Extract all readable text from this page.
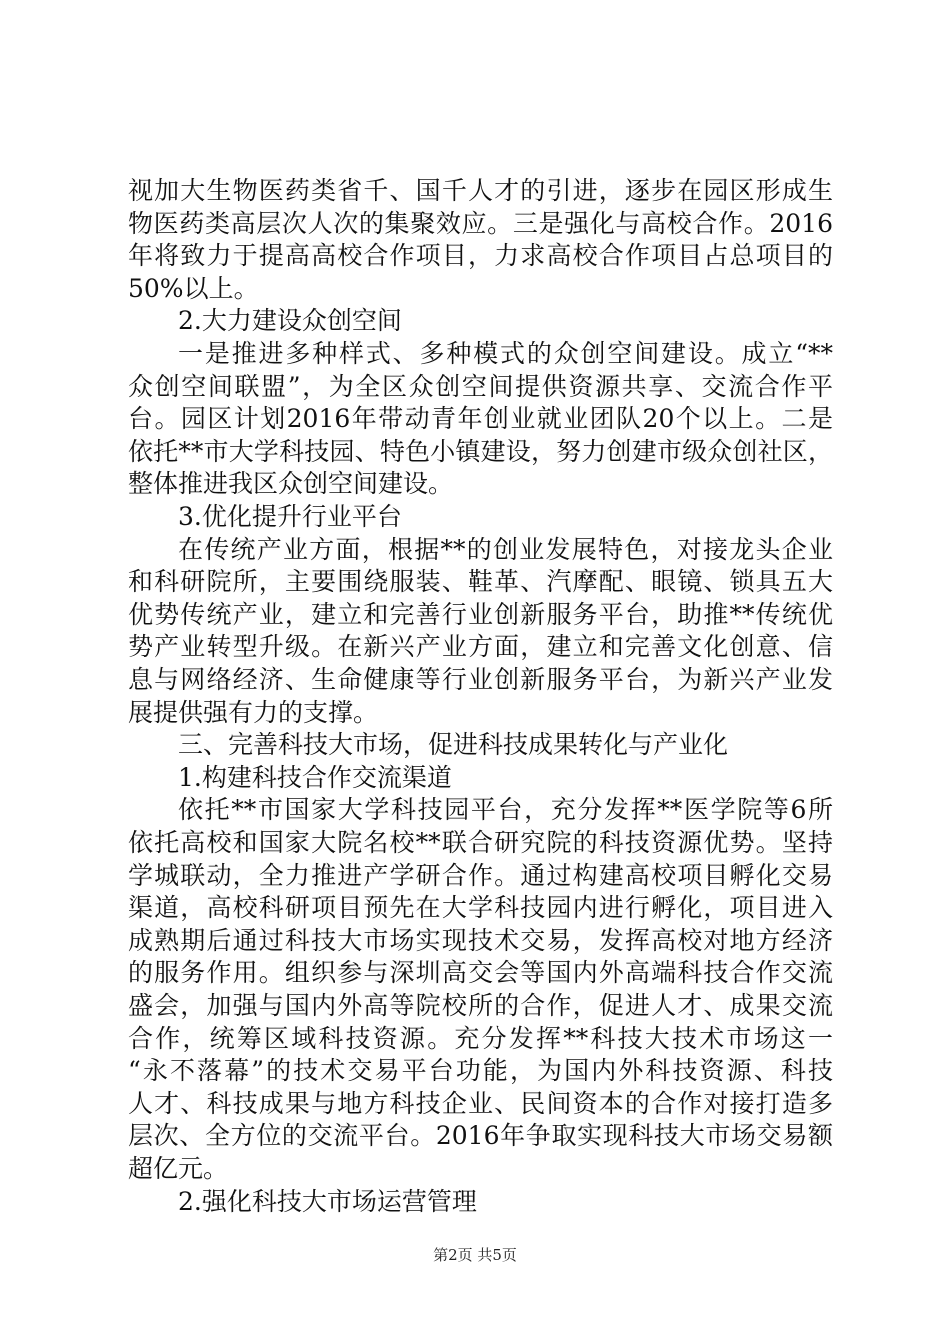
视加大生物医药类省千、国千人才的引进，逐步在园区形成生
物医药类高层次人次的集聚效应。三是强化与高校合作。2016
年将致力于提高高校合作项目，力求高校合作项目占总项目的
50%以上。
2.大力建设众创空间
一是推进多种样式、多种模式的众创空间建设。成立“**
众创空间联盟”，为全区众创空间提供资源共享、交流合作平
台。园区计划2016年带动青年创业就业团队20个以上。二是
依托**市大学科技园、特色小镇建设，努力创建市级众创社区，
整体推进我区众创空间建设。
3.优化提升行业平台
在传统产业方面，根据**的创业发展特色，对接龙头企业
和科研院所，主要围绕服装、鞋革、汽摩配、眼镜、锁具五大
优势传统产业，建立和完善行业创新服务平台，助推**传统优
势产业转型升级。在新兴产业方面，建立和完善文化创意、信
息与网络经济、生命健康等行业创新服务平台，为新兴产业发
展提供强有力的支撑。
三、完善科技大市场，促进科技成果转化与产业化
1.构建科技合作交流渠道
依托**市国家大学科技园平台，充分发挥**医学院等6所
依托高校和国家大院名校**联合研究院的科技资源优势。坚持
学城联动，全力推进产学研合作。通过构建高校项目孵化交易
渠道，高校科研项目预先在大学科技园内进行孵化，项目进入
成熟期后通过科技大市场实现技术交易，发挥高校对地方经济
的服务作用。组织参与深圳高交会等国内外高端科技合作交流
盛会，加强与国内外高等院校所的合作，促进人才、成果交流
合作，统筹区域科技资源。充分发挥**科技大技术市场这一
“永不落幕”的技术交易平台功能，为国内外科技资源、科技
人才、科技成果与地方科技企业、民间资本的合作对接打造多
层次、全方位的交流平台。2016年争取实现科技大市场交易额
超亿元。
2.强化科技大市场运营管理
第2页 共5页
